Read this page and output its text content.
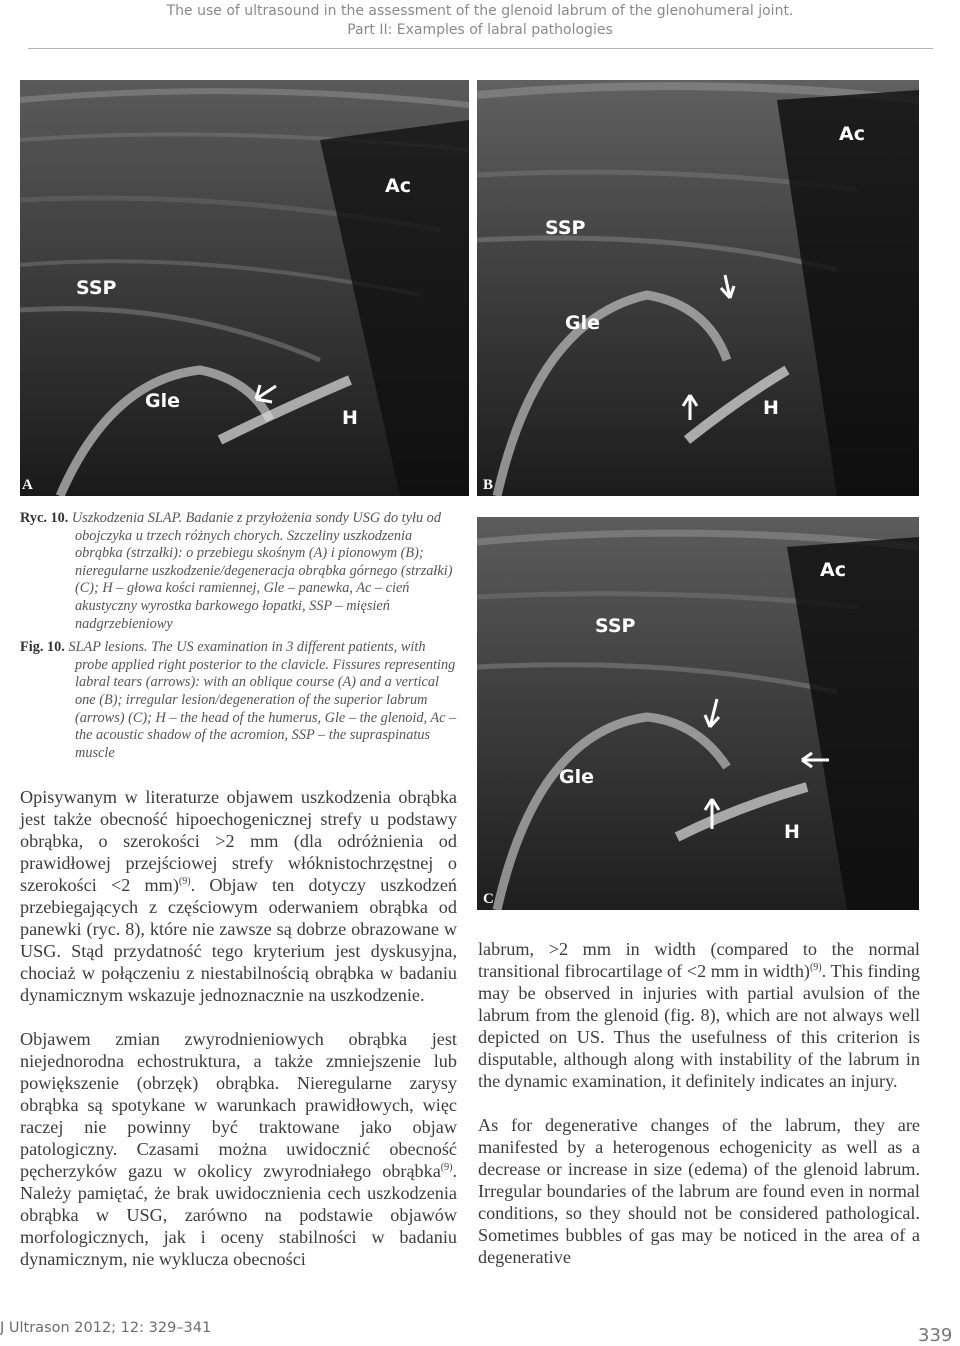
The use of ultrasound in the assessment of the glenoid labrum of the glenohumeral joint.
Part II: Examples of labral pathologies
Ac
SSP
Gle
H
A
Ac
SSP
Gle
H
B
Ac
SSP
Gle
H
C

Ryc. 10. Uszkodzenia SLAP. Badanie z przyłożenia sondy USG do tyłu od obojczyka u trzech różnych chorych. Szczeliny uszkodzenia obrąbka (strzałki): o przebiegu skośnym (A) i pionowym (B); nieregularne uszkodzenie/degeneracja obrąbka górnego (strzałki) (C); H – głowa kości ramiennej, Gle – panewka, Ac – cień akustyczny wyrostka barkowego łopatki, SSP – mięsień nadgrzebieniowy

Fig. 10. SLAP lesions. The US examination in 3 different patients, with probe applied right posterior to the clavicle. Fissures representing labral tears (arrows): with an oblique course (A) and a vertical one (B); irregular lesion/degeneration of the superior labrum (arrows) (C); H – the head of the humerus, Gle – the glenoid, Ac – the acoustic shadow of the acromion, SSP – the supraspinatus muscle

Opisywanym w literaturze objawem uszkodzenia obrąbka jest także obecność hipoechogenicznej strefy u podstawy obrąbka, o szerokości >2 mm (dla odróżnienia od prawidłowej przejściowej strefy włóknistochrzęstnej o szerokości <2 mm)$^{(9)}$. Objaw ten dotyczy uszkodzeń przebiegających z częściowym oderwaniem obrąbka od panewki (ryc. 8), które nie zawsze są dobrze obrazowane w USG. Stąd przydatność tego kryterium jest dyskusyjna, chociaż w połączeniu z niestabilnością obrąbka w badaniu dynamicznym wskazuje jednoznacznie na uszkodzenie.

Objawem zmian zwyrodnieniowych obrąbka jest niejednorodna echostruktura, a także zmniejszenie lub powiększenie (obrzęk) obrąbka. Nieregularne zarysy obrąbka są spotykane w warunkach prawidłowych, więc raczej nie powinny być traktowane jako objaw patologiczny. Czasami można uwidocznić obecność pęcherzyków gazu w okolicy zwyrodniałego obrąbka$^{(9)}$. Należy pamiętać, że brak uwidocznienia cech uszkodzenia obrąbka w USG, zarówno na podstawie objawów morfologicznych, jak i oceny stabilności w badaniu dynamicznym, nie wyklucza obecności

labrum, >2 mm in width (compared to the normal transitional fibrocartilage of <2 mm in width)$^{(9)}$. This finding may be observed in injuries with partial avulsion of the labrum from the glenoid (fig. 8), which are not always well depicted on US. Thus the usefulness of this criterion is disputable, although along with instability of the labrum in the dynamic examination, it definitely indicates an injury.

As for degenerative changes of the labrum, they are manifested by a heterogenous echogenicity as well as a decrease or increase in size (edema) of the glenoid labrum. Irregular boundaries of the labrum are found even in normal conditions, so they should not be considered pathological. Sometimes bubbles of gas may be noticed in the area of a degenerative

J Ultrason 2012; 12: 329–341	339
